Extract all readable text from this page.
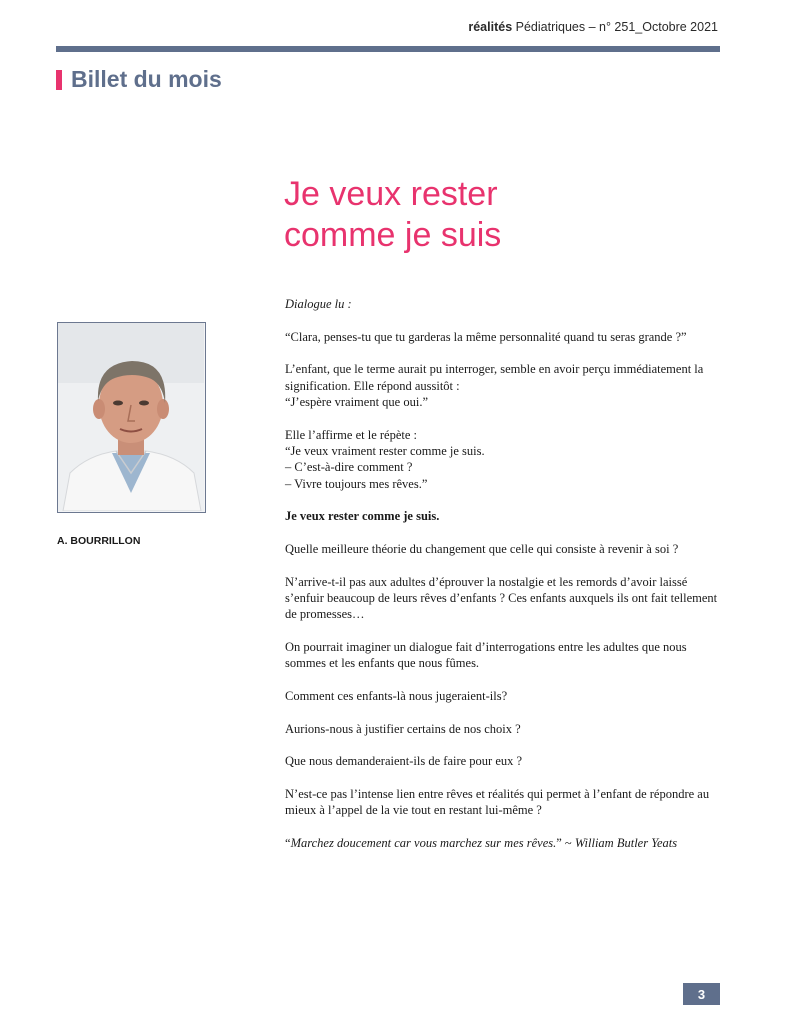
réalités Pédiatriques – n° 251_Octobre 2021
Billet du mois
Je veux rester
comme je suis
A. BOURRILLON

Dialogue lu :

“Clara, penses-tu que tu garderas la même personnalité quand tu seras grande ?”

L’enfant, que le terme aurait pu interroger, semble en avoir perçu immédiatement la signification. Elle répond aussitôt :
“J’espère vraiment que oui.”

Elle l’affirme et le répète :
“Je veux vraiment rester comme je suis.
– C’est-à-dire comment ?
– Vivre toujours mes rêves.”

Je veux rester comme je suis.

Quelle meilleure théorie du changement que celle qui consiste à revenir à soi ?

N’arrive-t-il pas aux adultes d’éprouver la nostalgie et les remords d’avoir laissé s’enfuir beaucoup de leurs rêves d’enfants ? Ces enfants auxquels ils ont fait tellement de promesses…

On pourrait imaginer un dialogue fait d’interrogations entre les adultes que nous sommes et les enfants que nous fûmes.

Comment ces enfants-là nous jugeraient-ils?

Aurions-nous à justifier certains de nos choix ?

Que nous demanderaient-ils de faire pour eux ?

N’est-ce pas l’intense lien entre rêves et réalités qui permet à l’enfant de répondre au mieux à l’appel de la vie tout en restant lui-même ?

“Marchez doucement car vous marchez sur mes rêves.” ~ William Butler Yeats

3
